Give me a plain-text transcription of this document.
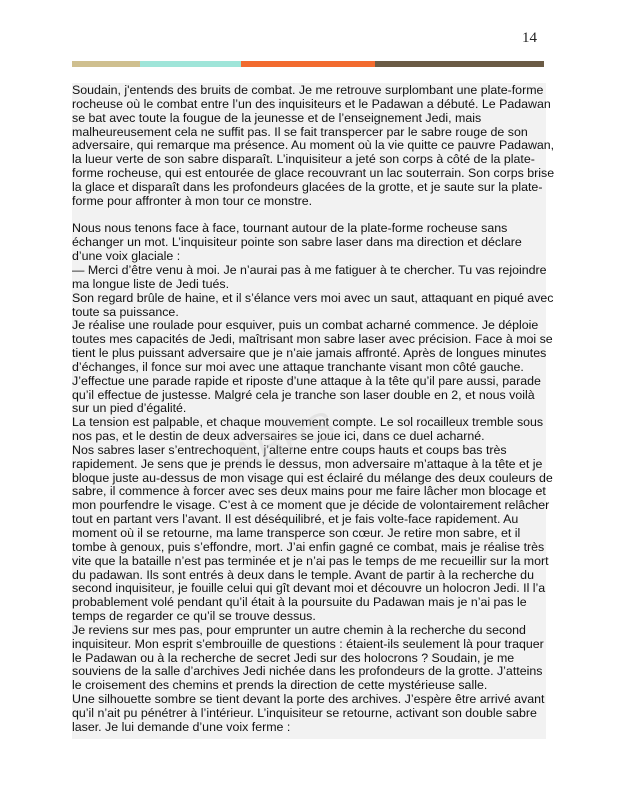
14
Soudain, j'entends des bruits de combat. Je me retrouve surplombant une plate-forme
rocheuse où le combat entre l’un des inquisiteurs et le Padawan a débuté. Le Padawan
se bat avec toute la fougue de la jeunesse et de l’enseignement Jedi, mais
malheureusement cela ne suffit pas. Il se fait transpercer par le sabre rouge de son
adversaire, qui remarque ma présence. Au moment où la vie quitte ce pauvre Padawan,
la lueur verte de son sabre disparaît. L’inquisiteur a jeté son corps à côté de la plate-
forme rocheuse, qui est entourée de glace recouvrant un lac souterrain. Son corps brise
la glace et disparaît dans les profondeurs glacées de la grotte, et je saute sur la plate-
forme pour affronter à mon tour ce monstre.
Nous nous tenons face à face, tournant autour de la plate-forme rocheuse sans
échanger un mot. L’inquisiteur pointe son sabre laser dans ma direction et déclare
d’une voix glaciale :
— Merci d’être venu à moi. Je n’aurai pas à me fatiguer à te chercher. Tu vas rejoindre
ma longue liste de Jedi tués.
Son regard brûle de haine, et il s’élance vers moi avec un saut, attaquant en piqué avec
toute sa puissance.
Je réalise une roulade pour esquiver, puis un combat acharné commence. Je déploie
toutes mes capacités de Jedi, maîtrisant mon sabre laser avec précision. Face à moi se
tient le plus puissant adversaire que je n’aie jamais affronté. Après de longues minutes
d’échanges, il fonce sur moi avec une attaque tranchante visant mon côté gauche.
J’effectue une parade rapide et riposte d’une attaque à la tête qu’il pare aussi, parade
qu’il effectue de justesse. Malgré cela je tranche son laser double en 2, et nous voilà
sur un pied d’égalité.
La tension est palpable, et chaque mouvement compte. Le sol rocailleux tremble sous
nos pas, et le destin de deux adversaires se joue ici, dans ce duel acharné.
Nos sabres laser s’entrechoquent, j’alterne entre coups hauts et coups bas très
rapidement. Je sens que je prends le dessus, mon adversaire m’attaque à la tête et je
bloque juste au-dessus de mon visage qui est éclairé du mélange des deux couleurs de
sabre, il commence à forcer avec ses deux mains pour me faire lâcher mon blocage et
mon pourfendre le visage. C’est à ce moment que je décide de volontairement relâcher
tout en partant vers l’avant. Il est déséquilibré, et je fais volte-face rapidement. Au
moment où il se retourne, ma lame transperce son cœur. Je retire mon sabre, et il
tombe à genoux, puis s’effondre, mort. J’ai enfin gagné ce combat, mais je réalise très
vite que la bataille n’est pas terminée et je n’ai pas le temps de me recueillir sur la mort
du padawan. Ils sont entrés à deux dans le temple. Avant de partir à la recherche du
second inquisiteur, je fouille celui qui gît devant moi et découvre un holocron Jedi. Il l’a
probablement volé pendant qu’il était à la poursuite du Padawan mais je n’ai pas le
temps de regarder ce qu’il se trouve dessus.
Je reviens sur mes pas, pour emprunter un autre chemin à la recherche du second
inquisiteur. Mon esprit s’embrouille de questions : étaient-ils seulement là pour traquer
le Padawan ou à la recherche de secret Jedi sur des holocrons ? Soudain, je me
souviens de la salle d’archives Jedi nichée dans les profondeurs de la grotte. J’atteins
le croisement des chemins et prends la direction de cette mystérieuse salle.
Une silhouette sombre se tient devant la porte des archives. J’espère être arrivé avant
qu’il n’ait pu pénétrer à l’intérieur. L’inquisiteur se retourne, activant son double sabre
laser. Je lui demande d’une voix ferme :
ABPS
